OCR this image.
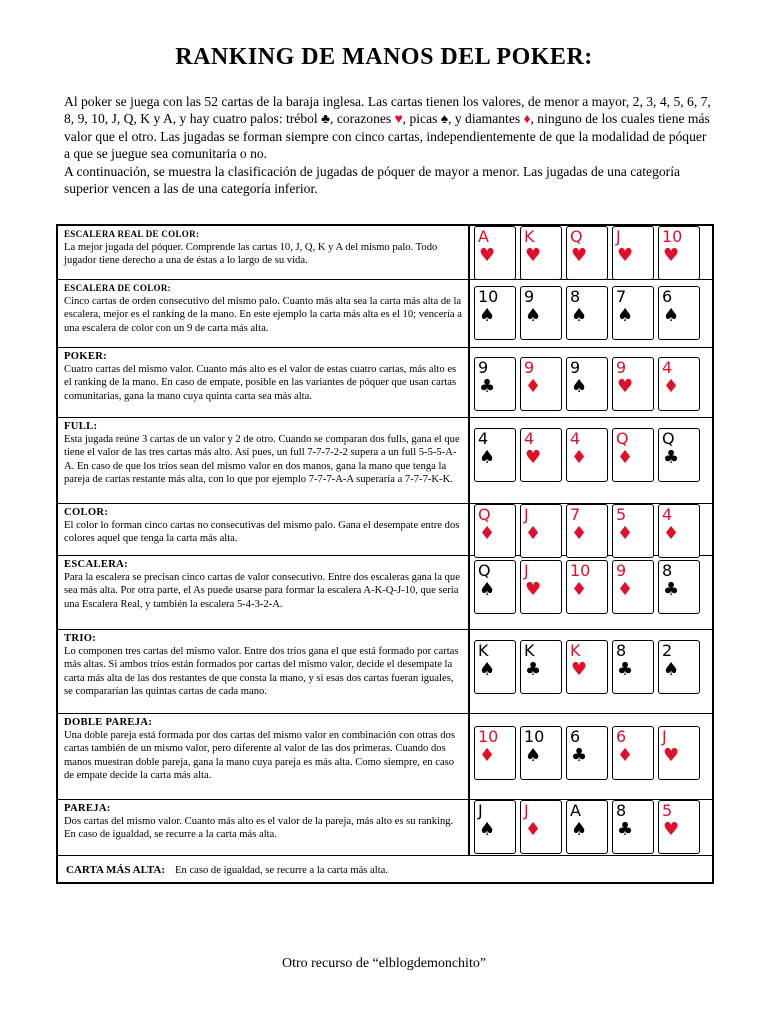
RANKING DE MANOS DEL POKER:

Al poker se juega con las 52 cartas de la baraja inglesa. Las cartas tienen los valores, de menor a mayor, 2, 3, 4, 5, 6, 7, 8, 9, 10, J, Q, K y A, y hay cuatro palos: trébol ♣, corazones ♥, picas ♠, y diamantes ♦, ninguno de los cuales tiene más valor que el otro. Las jugadas se forman siempre con cinco cartas, independientemente de que la modalidad de póquer a que se juegue sea comunitaria o no.

A continuación, se muestra la clasificación de jugadas de póquer de mayor a menor. Las jugadas de una categoría superior vencen a las de una categoría inferior.

ESCALERA REAL DE COLOR:
La mejor jugada del póquer. Comprende las cartas 10, J, Q, K y A del mismo palo. Todo jugador tiene derecho a una de éstas a lo largo de su vida.
A
♥
K
♥
Q
♥
J
♥
10
♥
ESCALERA DE COLOR:
Cinco cartas de orden consecutivo del mismo palo. Cuanto más alta sea la carta más alta de la escalera, mejor es el ranking de la mano. En este ejemplo la carta más alta es el 10; vencería a una escalera de color con un 9 de carta más alta.
10
♠
9
♠
8
♠
7
♠
6
♠
POKER:
Cuatro cartas del mismo valor. Cuanto más alto es el valor de estas cuatro cartas, más alto es el ranking de la mano. En caso de empate, posible en las variantes de póquer que usan cartas comunitarias, gana la mano cuya quinta carta sea más alta.
9
♣
9
♦
9
♠
9
♥
4
♦
FULL:
Esta jugada reúne 3 cartas de un valor y 2 de otro. Cuando se comparan dos fulls, gana el que tiene el valor de las tres cartas más alto. Así pues, un full 7-7-7-2-2 supera a un full 5-5-5-A-A. En caso de que los tríos sean del mismo valor en dos manos, gana la mano que tenga la pareja de cartas restante más alta, con lo que por ejemplo 7-7-7-A-A superaría a 7-7-7-K-K.
4
♠
4
♥
4
♦
Q
♦
Q
♣
COLOR:
El color lo forman cinco cartas no consecutivas del mismo palo. Gana el desempate entre dos colores aquel que tenga la carta más alta.
Q
♦
J
♦
7
♦
5
♦
4
♦
ESCALERA:
Para la escalera se precisan cinco cartas de valor consecutivo. Entre dos escaleras gana la que sea más alta. Por otra parte, el As puede usarse para formar la escalera A-K-Q-J-10, que sería una Escalera Real, y también la escalera 5-4-3-2-A.
Q
♠
J
♥
10
♦
9
♦
8
♣
TRIO:
Lo componen tres cartas del mismo valor. Entre dos tríos gana el que está formado por cartas más altas. Si ambos tríos están formados por cartas del mismo valor, decide el desempate la carta más alta de las dos restantes de que consta la mano, y si esas dos cartas fueran iguales, se compararían las quintas cartas de cada mano.
K
♠
K
♣
K
♥
8
♣
2
♠
DOBLE PAREJA:
Una doble pareja está formada por dos cartas del mismo valor en combinación con otras dos cartas también de un mismo valor, pero diferente al valor de las dos primeras. Cuando dos manos muestran doble pareja, gana la mano cuya pareja es más alta. Como siempre, en caso de empate decide la carta más alta.
10
♦
10
♠
6
♣
6
♦
J
♥
PAREJA:
Dos cartas del mismo valor. Cuanto más alto es el valor de la pareja, más alto es su ranking. En caso de igualdad, se recurre a la carta más alta.
J
♠
J
♦
A
♠
8
♣
5
♥
CARTA MÁS ALTA: En caso de igualdad, se recurre a la carta más alta.
Otro recurso de “elblogdemonchito”
